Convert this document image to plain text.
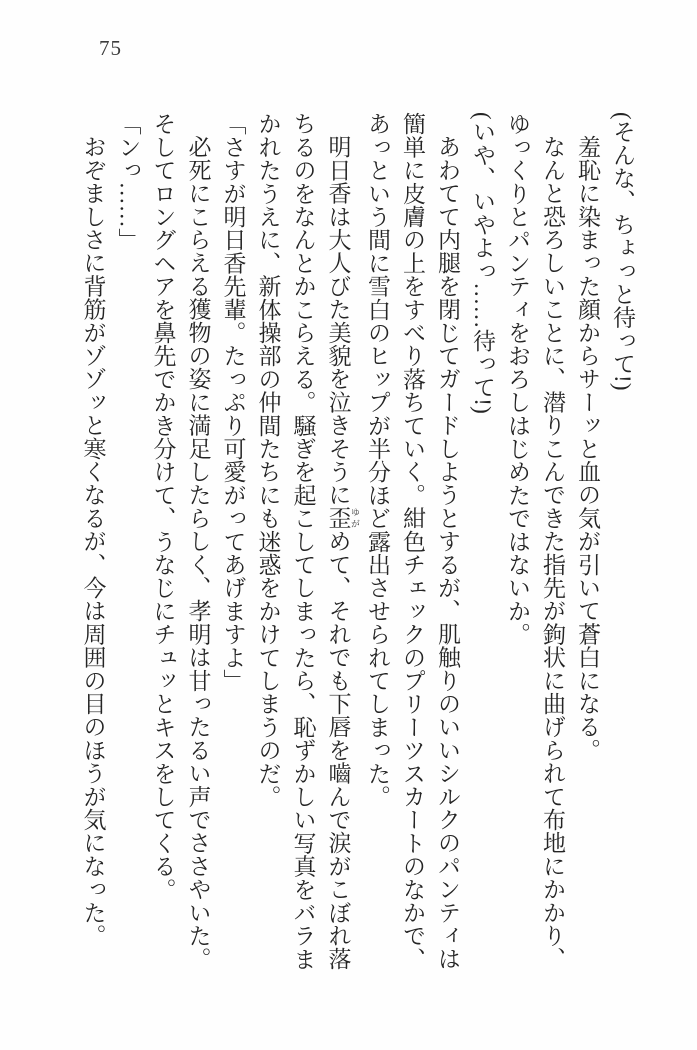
75

(そんな、ちょっと待って!)

羞恥に染まった顔からサーッと血の気が引いて蒼白になる。

なんと恐ろしいことに、潜りこんできた指先が鉤状に曲げられて布地にかかり、ゆっくりとパンティをおろしはじめたではないか。

(いや、いやよっ……待って!)

あわてて内腿を閉じてガードしようとするが、肌触りのいいシルクのパンティは簡単に皮膚の上をすべり落ちていく。紺色チェックのプリーツスカートのなかで、あっという間に雪白のヒップが半分ほど露出させられてしまった。

明日香は大人びた美貌を泣きそうに歪 ゆがめて、それでも下唇を嚙んで涙がこぼれ落ちるのをなんとかこらえる。騒ぎを起こしてしまったら、恥ずかしい写真をバラまかれたうえに、新体操部の仲間たちにも迷惑をかけてしまうのだ。

「さすが明日香先輩。たっぷり可愛がってあげますよ」

必死にこらえる獲物の姿に満足したらしく、孝明は甘ったるい声でささやいた。そしてロングヘアを鼻先でかき分けて、うなじにチュッとキスをしてくる。

「ンっ……」

おぞましさに背筋がゾゾッと寒くなるが、今は周囲の目のほうが気になった。
